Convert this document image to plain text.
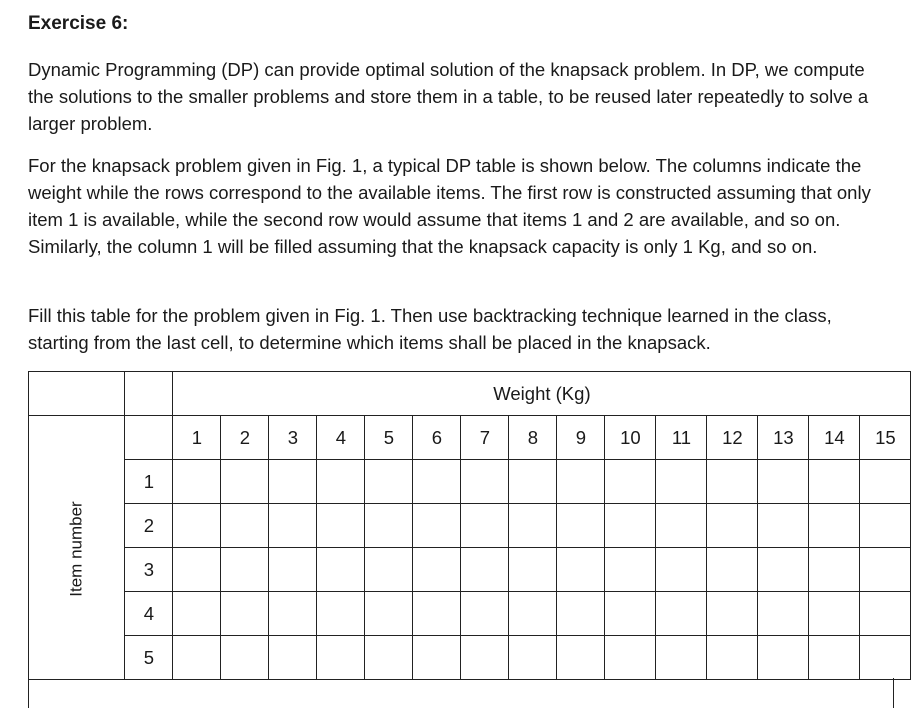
Exercise 6:

Dynamic Programming (DP) can provide optimal solution of the knapsack problem. In DP, we compute the solutions to the smaller problems and store them in a table, to be reused later repeatedly to solve a larger problem.

For the knapsack problem given in Fig. 1, a typical DP table is shown below. The columns indicate the weight while the rows correspond to the available items. The first row is constructed assuming that only item 1 is available, while the second row would assume that items 1 and 2 are available, and so on. Similarly, the column 1 will be filled assuming that the knapsack capacity is only 1 Kg, and so on.

Fill this table for the problem given in Fig. 1. Then use backtracking technique learned in the class, starting from the last cell, to determine which items shall be placed in the knapsack.

		Weight (Kg)														
Item number		1	2	3	4	5	6	7	8	9	10	11	12	13	14	15
	1															
	2															
	3															
	4															
	5															
